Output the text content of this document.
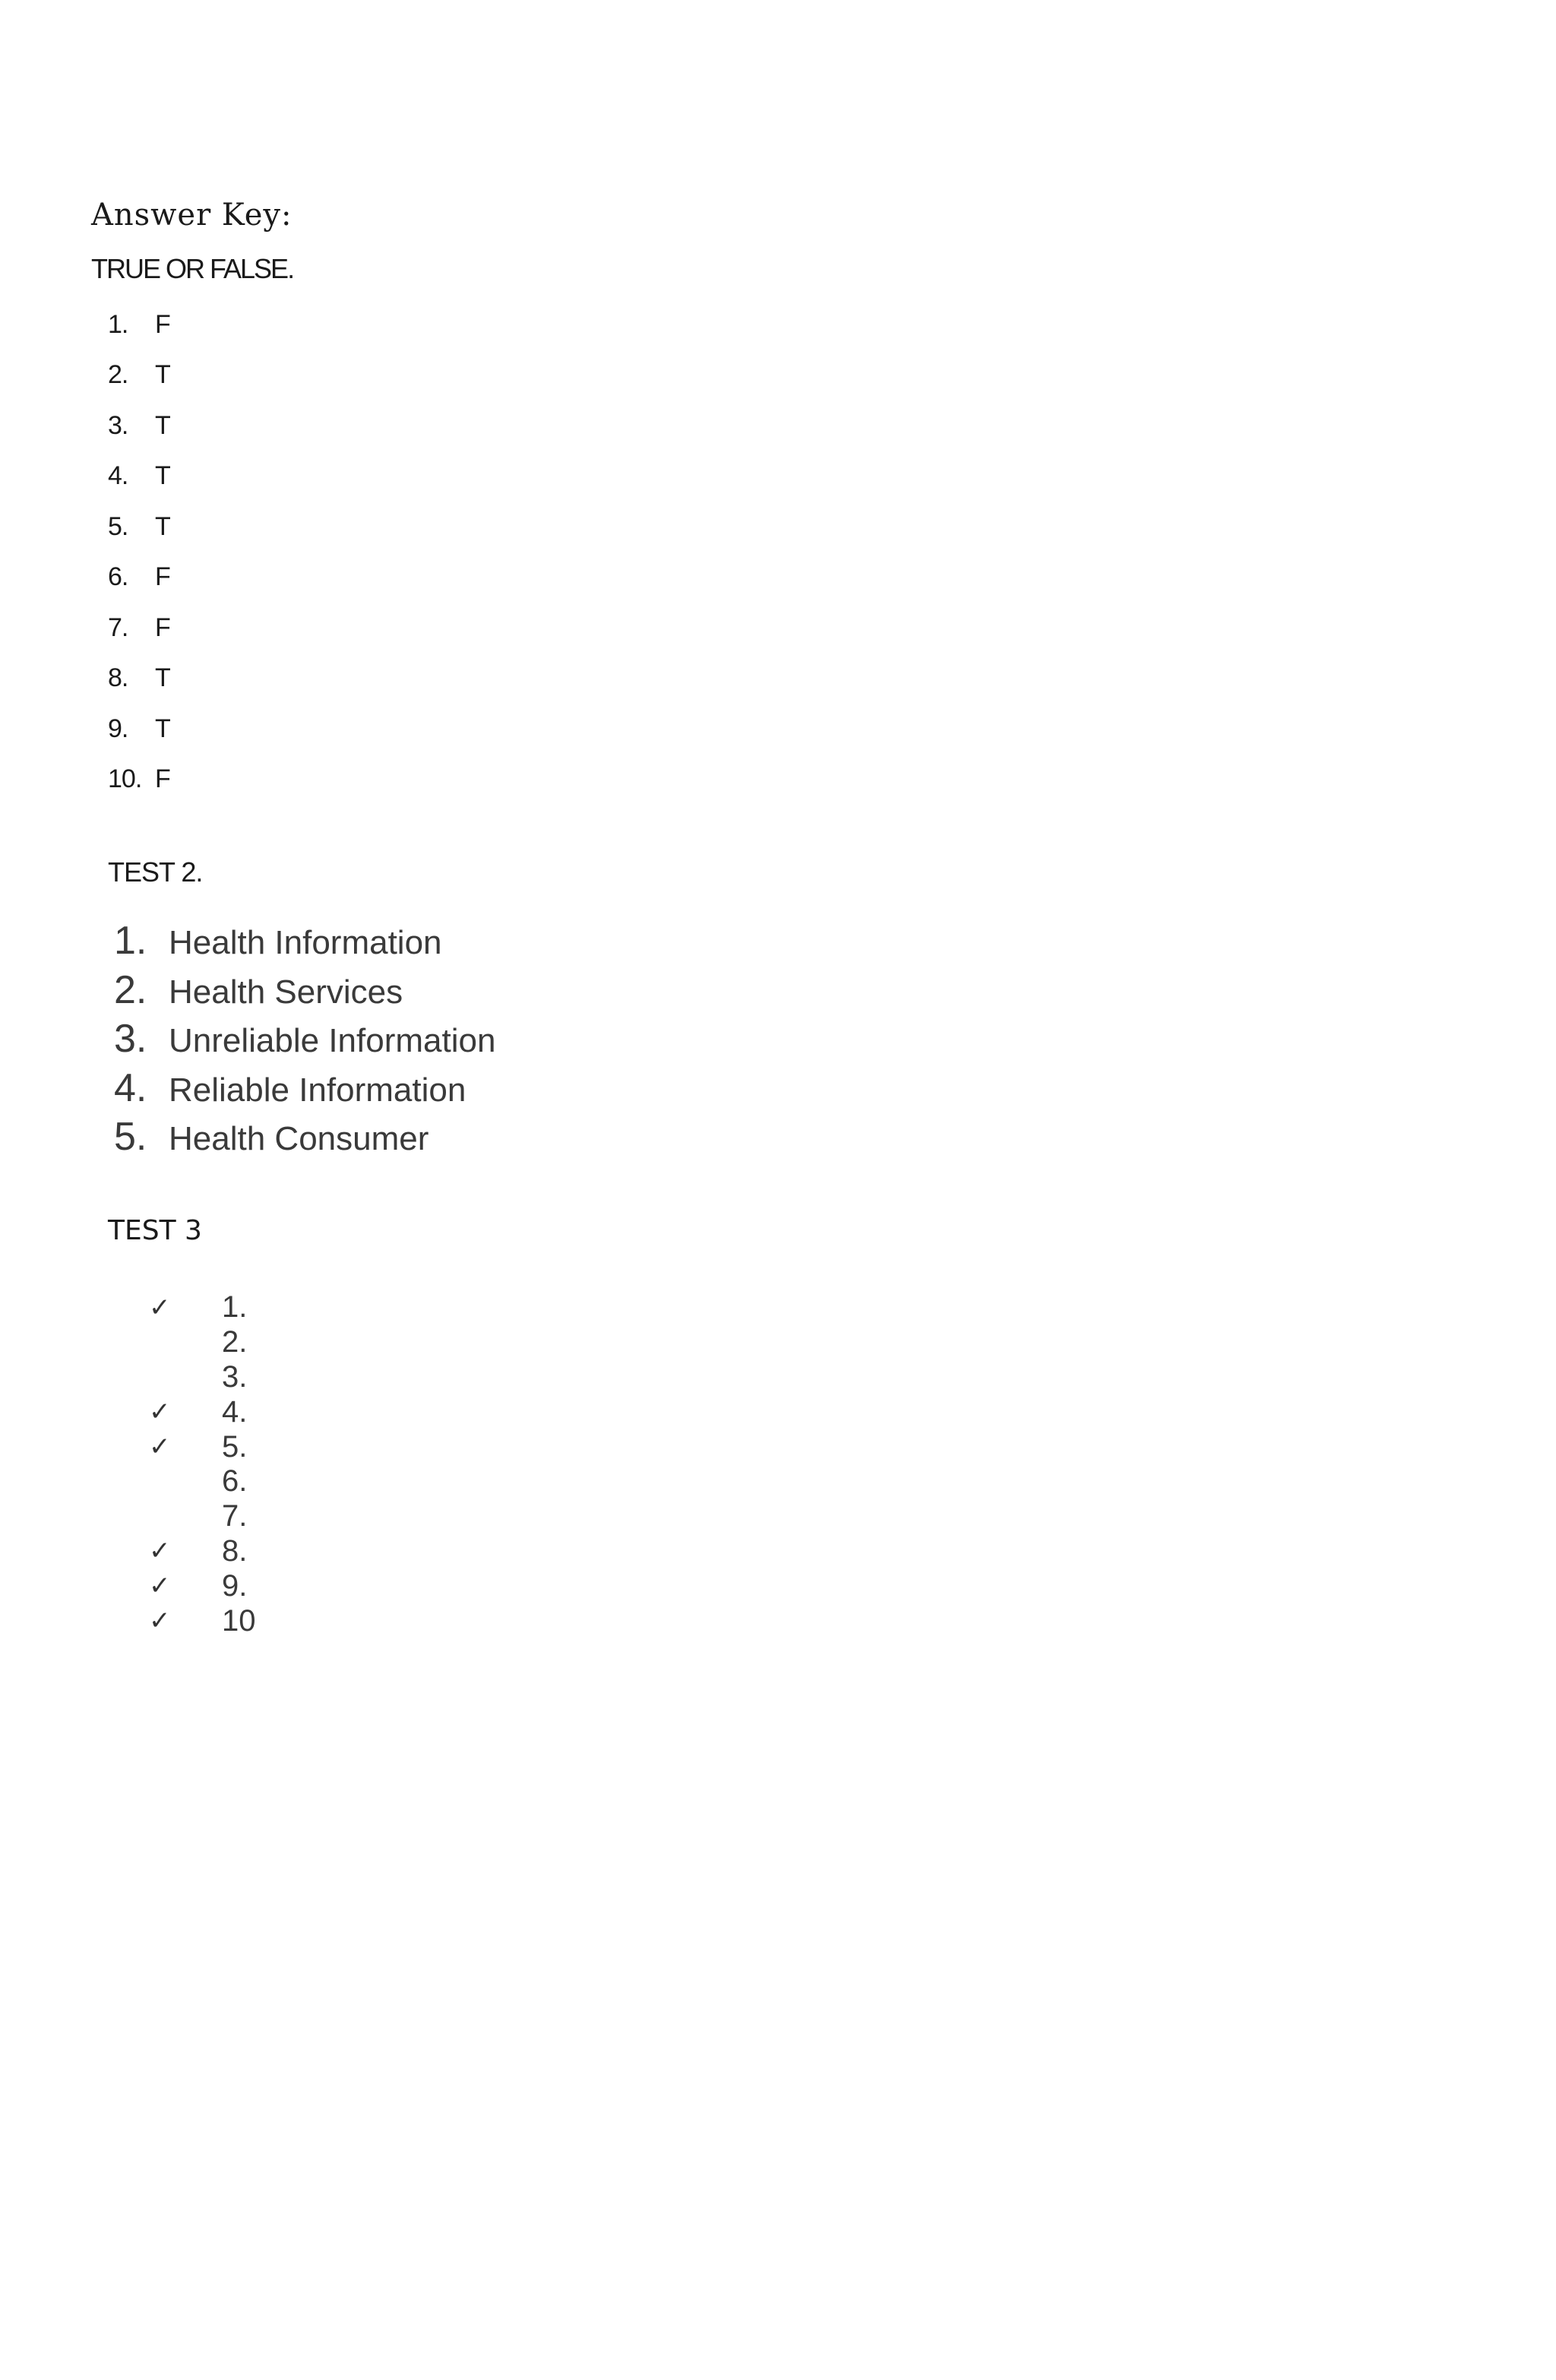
Answer Key:
TRUE OR FALSE.
1.	F
2.	T
3.	T
4.	T
5.	T
6.	F
7.	F
8.	T
9.	T
10. F
TEST 2.
1. Health Information
2. Health Services
3. Unreliable Information
4. Reliable Information
5. Health Consumer
TEST 3
✓	1.
2.
3.
✓	4.
✓	5.
6.
7.
✓	8.
✓	9.
✓	10
